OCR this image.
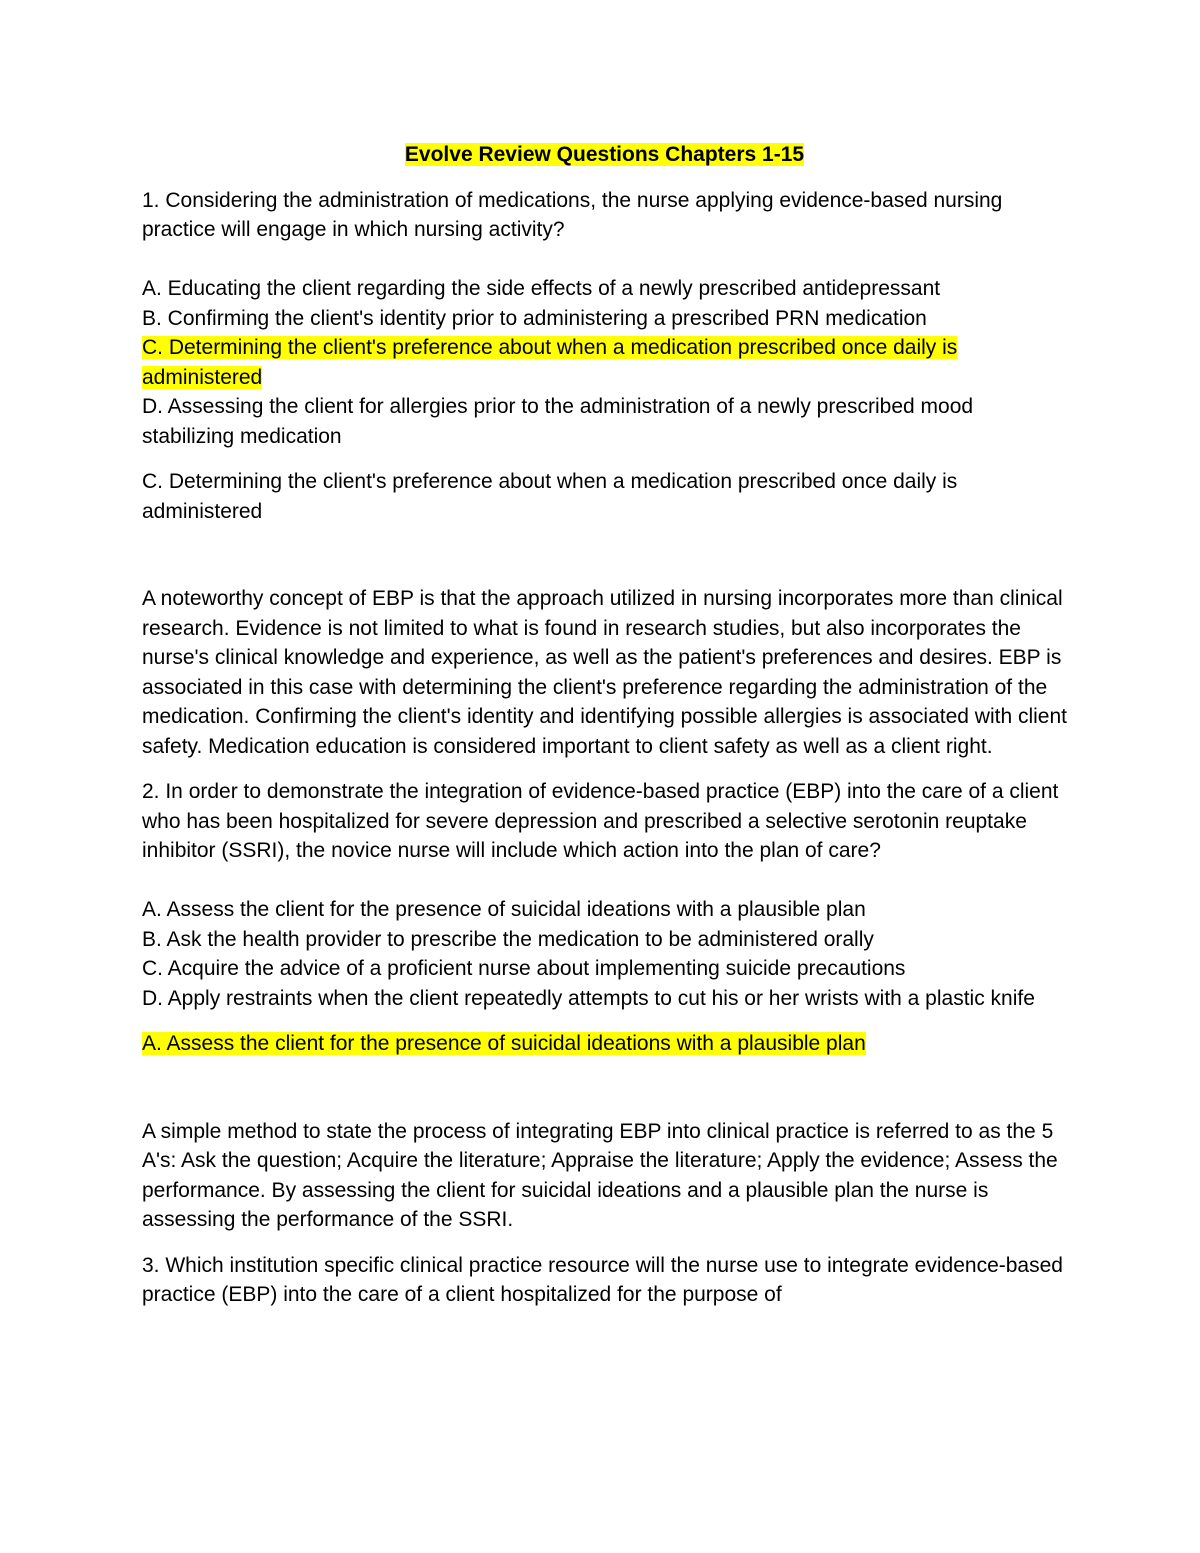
Evolve Review Questions Chapters 1-15

1. Considering the administration of medications, the nurse applying evidence-based nursing practice will engage in which nursing activity?

A. Educating the client regarding the side effects of a newly prescribed antidepressant

B. Confirming the client's identity prior to administering a prescribed PRN medication

C. Determining the client's preference about when a medication prescribed once daily is administered

D. Assessing the client for allergies prior to the administration of a newly prescribed mood stabilizing medication

C. Determining the client's preference about when a medication prescribed once daily is administered

A noteworthy concept of EBP is that the approach utilized in nursing incorporates more than clinical research. Evidence is not limited to what is found in research studies, but also incorporates the nurse's clinical knowledge and experience, as well as the patient's preferences and desires. EBP is associated in this case with determining the client's preference regarding the administration of the medication. Confirming the client's identity and identifying possible allergies is associated with client safety. Medication education is considered important to client safety as well as a client right.

2. In order to demonstrate the integration of evidence-based practice (EBP) into the care of a client who has been hospitalized for severe depression and prescribed a selective serotonin reuptake inhibitor (SSRI), the novice nurse will include which action into the plan of care?

A. Assess the client for the presence of suicidal ideations with a plausible plan

B. Ask the health provider to prescribe the medication to be administered orally

C. Acquire the advice of a proficient nurse about implementing suicide precautions

D. Apply restraints when the client repeatedly attempts to cut his or her wrists with a plastic knife

A. Assess the client for the presence of suicidal ideations with a plausible plan

A simple method to state the process of integrating EBP into clinical practice is referred to as the 5 A's: Ask the question; Acquire the literature; Appraise the literature; Apply the evidence; Assess the performance. By assessing the client for suicidal ideations and a plausible plan the nurse is assessing the performance of the SSRI.

3. Which institution specific clinical practice resource will the nurse use to integrate evidence-based practice (EBP) into the care of a client hospitalized for the purpose of
